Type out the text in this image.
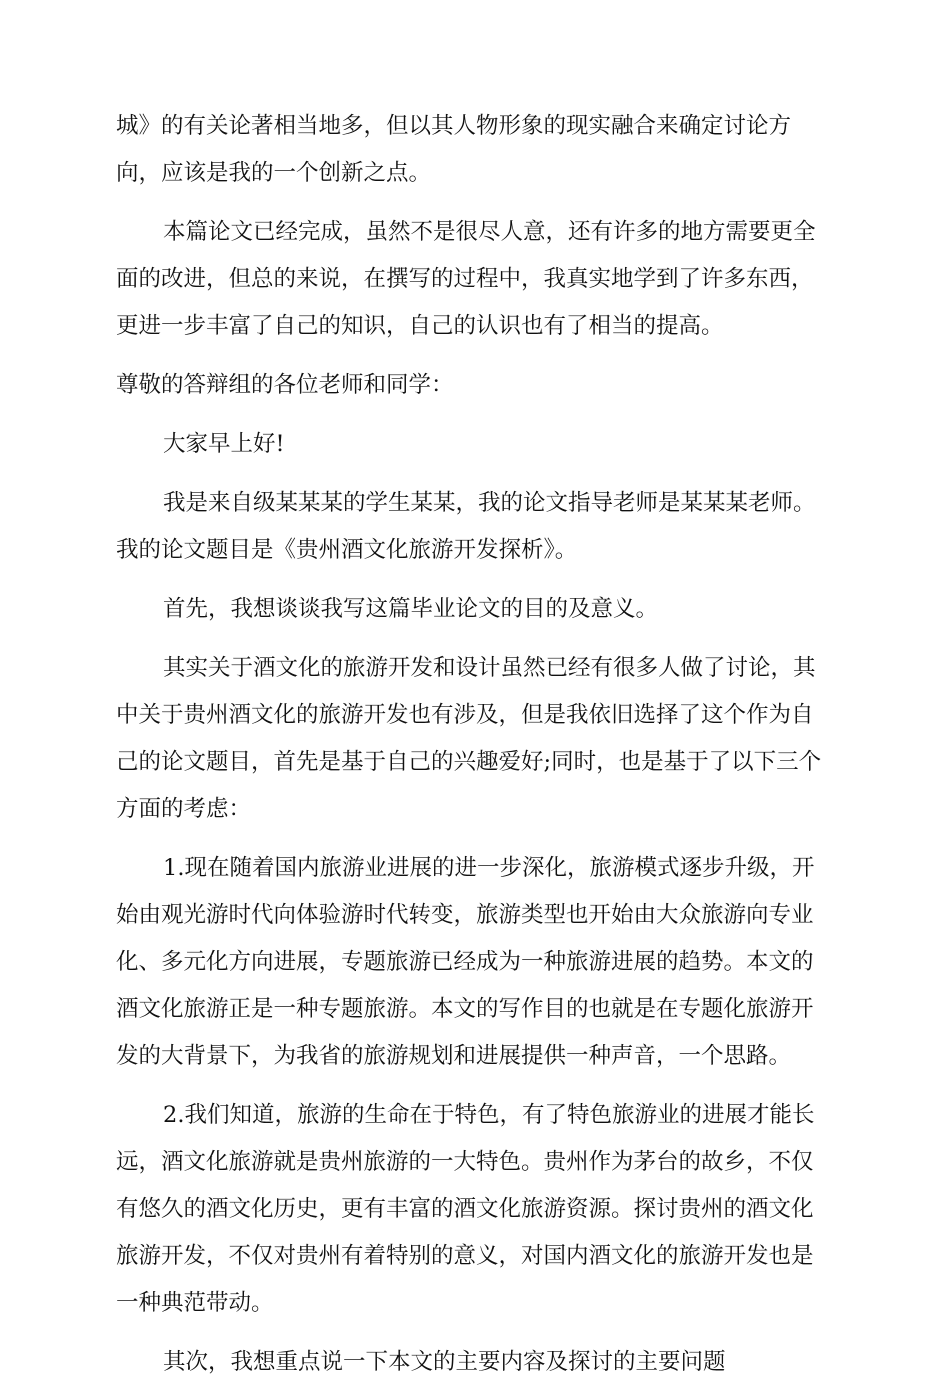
城》的有关论著相当地多，但以其人物形象的现实融合来确定讨论方向，应该是我的一个创新之点。

本篇论文已经完成，虽然不是很尽人意，还有许多的地方需要更全面的改进，但总的来说，在撰写的过程中，我真实地学到了许多东西，更进一步丰富了自己的知识，自己的认识也有了相当的提高。

尊敬的答辩组的各位老师和同学：

大家早上好!

我是来自级某某某的学生某某，我的论文指导老师是某某某老师。我的论文题目是《贵州酒文化旅游开发探析》。

首先，我想谈谈我写这篇毕业论文的目的及意义。

其实关于酒文化的旅游开发和设计虽然已经有很多人做了讨论，其中关于贵州酒文化的旅游开发也有涉及，但是我依旧选择了这个作为自己的论文题目，首先是基于自己的兴趣爱好;同时，也是基于了以下三个方面的考虑：

1.现在随着国内旅游业进展的进一步深化，旅游模式逐步升级，开始由观光游时代向体验游时代转变，旅游类型也开始由大众旅游向专业化、多元化方向进展，专题旅游已经成为一种旅游进展的趋势。本文的酒文化旅游正是一种专题旅游。本文的写作目的也就是在专题化旅游开发的大背景下，为我省的旅游规划和进展提供一种声音，一个思路。

2.我们知道，旅游的生命在于特色，有了特色旅游业的进展才能长远，酒文化旅游就是贵州旅游的一大特色。贵州作为茅台的故乡，不仅有悠久的酒文化历史，更有丰富的酒文化旅游资源。探讨贵州的酒文化旅游开发，不仅对贵州有着特别的意义，对国内酒文化的旅游开发也是一种典范带动。

其次，我想重点说一下本文的主要内容及探讨的主要问题
